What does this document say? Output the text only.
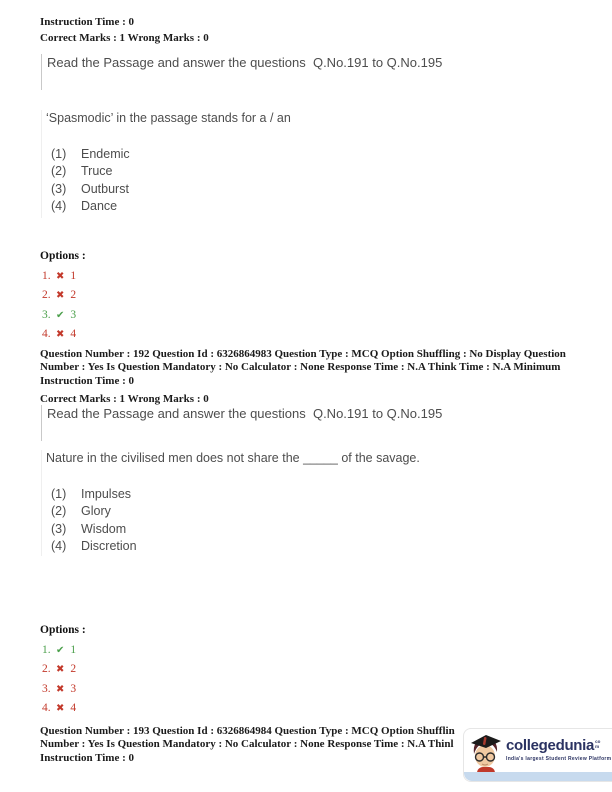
Instruction Time : 0
Correct Marks : 1 Wrong Marks : 0
Read the Passage and answer the questions  Q.No.191 to Q.No.195
‘Spasmodic’ in the passage stands for a / an
(1)	Endemic
(2)	Truce
(3)	Outburst
(4)	Dance
Options :
1. ✖ 1
2. ✖ 2
3. ✔ 3
4. ✖ 4
Question Number : 192 Question Id : 6326864983 Question Type : MCQ Option Shuffling : No Display Question
Number : Yes Is Question Mandatory : No Calculator : None Response Time : N.A Think Time : N.A Minimum
Instruction Time : 0
Correct Marks : 1 Wrong Marks : 0
Read the Passage and answer the questions  Q.No.191 to Q.No.195
Nature in the civilised men does not share the _____ of the savage.
(1)	Impulses
(2)	Glory
(3)	Wisdom
(4)	Discretion
Options :
1. ✔ 1
2. ✖ 2
3. ✖ 3
4. ✖ 4
Question Number : 193 Question Id : 6326864984 Question Type : MCQ Option Shufflin
Number : Yes Is Question Mandatory : No Calculator : None Response Time : N.A Thinl
Instruction Time : 0
collegedunia com
India's largest Student Review Platform
